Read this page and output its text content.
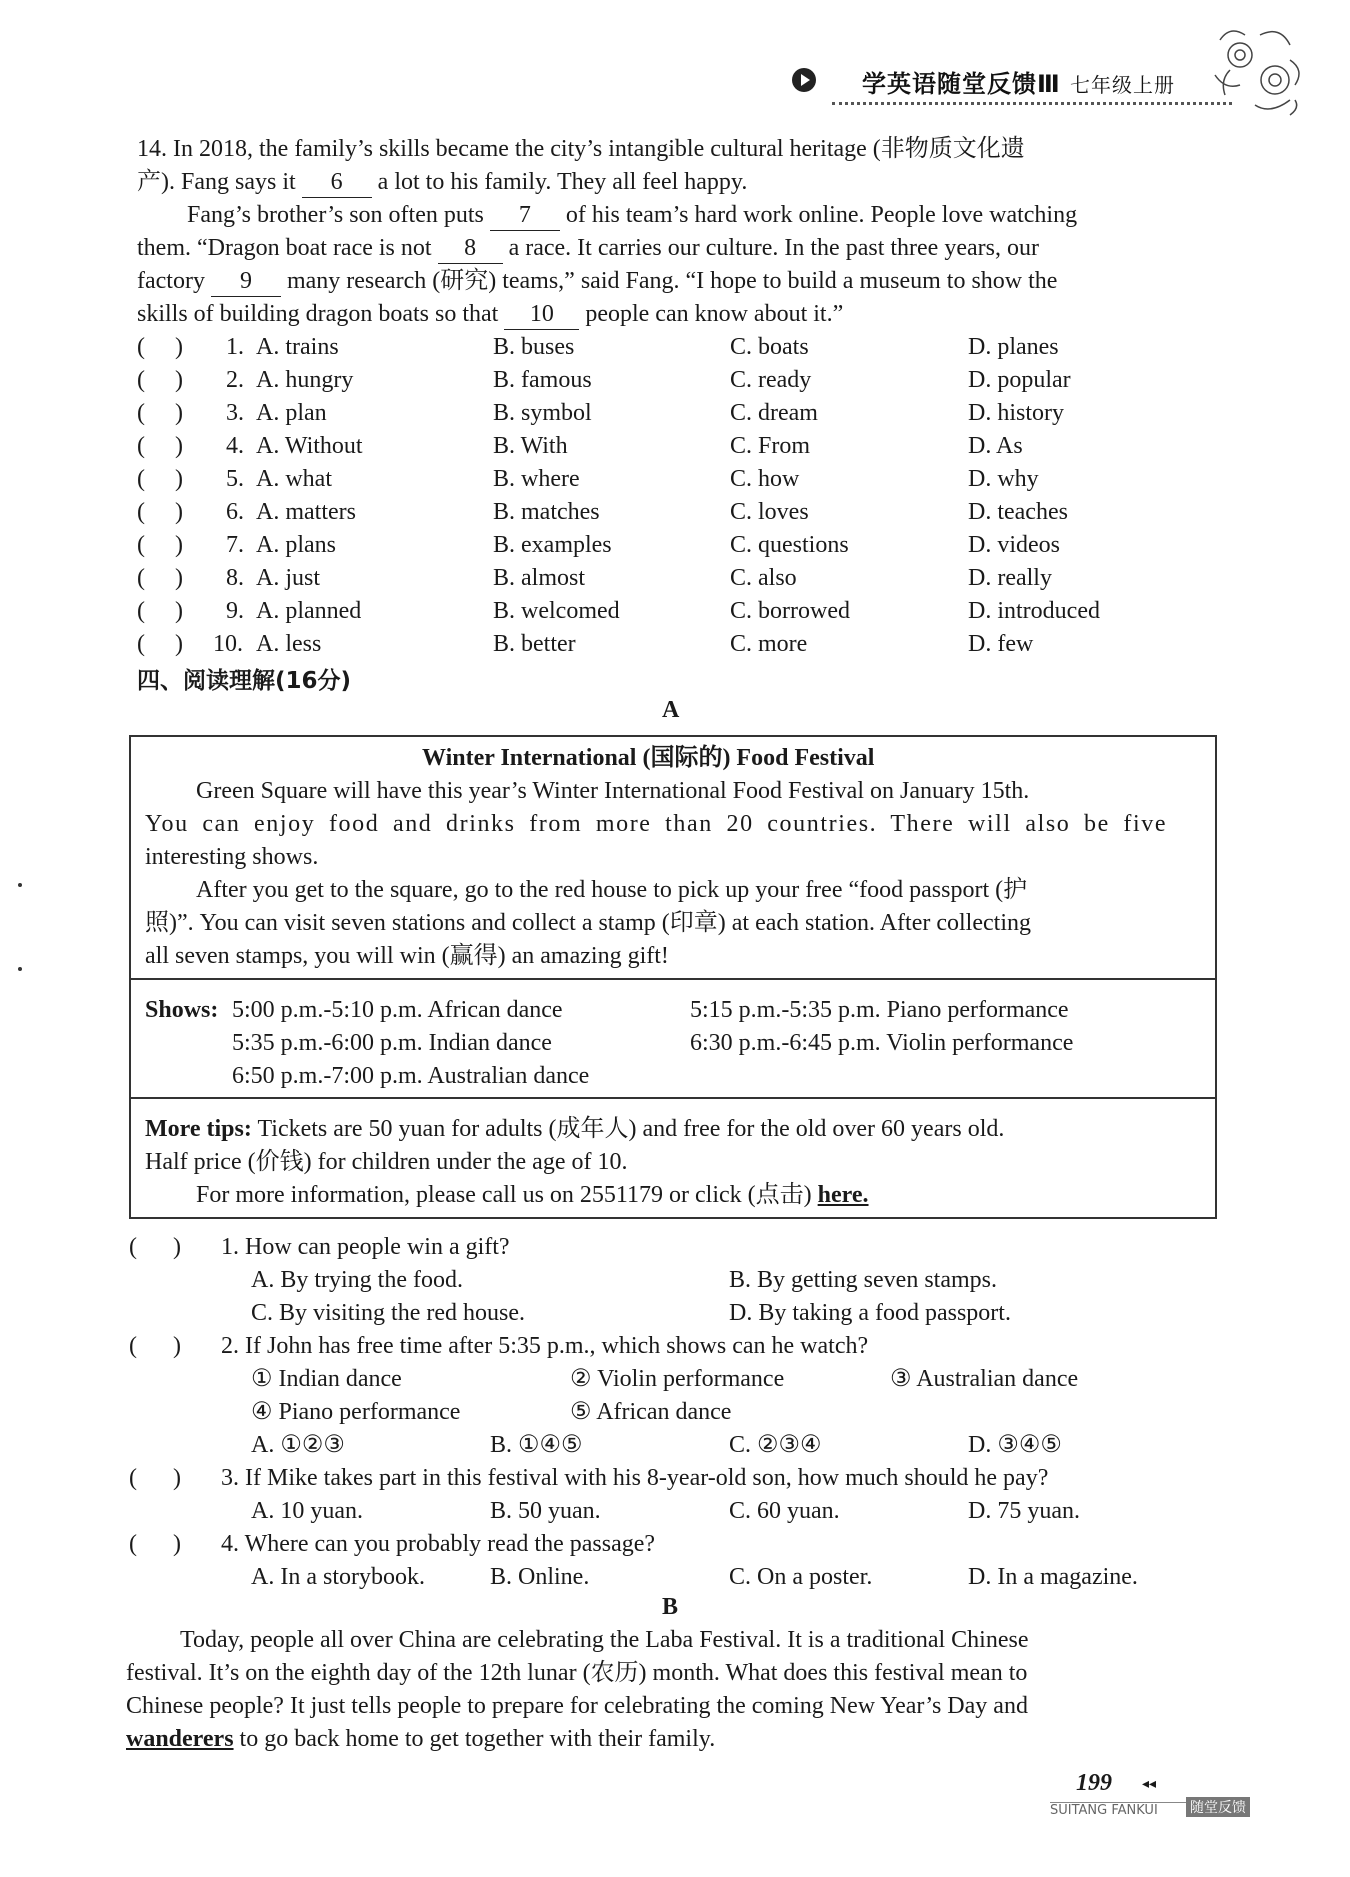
学英语随堂反馈Ⅲ 七年级上册
14. In 2018, the family’s skills became the city’s intangible cultural heritage (非物质文化遗
产). Fang says it 6 a lot to his family. They all feel happy.
Fang’s brother’s son often puts 7 of his team’s hard work online. People love watching
them. “Dragon boat race is not 8 a race. It carries our culture. In the past three years, our
factory 9 many research (研究) teams,” said Fang. “I hope to build a museum to show the
skills of building dragon boats so that 10 people can know about it.”
(     ) 1. A. trains	B. buses	C. boats	D. planes
(     ) 2. A. hungry	B. famous	C. ready	D. popular
(     ) 3. A. plan	B. symbol	C. dream	D. history
(     ) 4. A. Without	B. With	C. From	D. As
(     ) 5. A. what	B. where	C. how	D. why
(     ) 6. A. matters	B. matches	C. loves	D. teaches
(     ) 7. A. plans	B. examples	C. questions	D. videos
(     ) 8. A. just	B. almost	C. also	D. really
(     ) 9. A. planned	B. welcomed	C. borrowed	D. introduced
(     ) 10. A. less	B. better	C. more	D. few
四、阅读理解(16分)
A
Winter International (国际的) Food Festival
Green Square will have this year’s Winter International Food Festival on January 15th.
You can enjoy food and drinks from more than 20 countries. There will also be five
interesting shows.
After you get to the square, go to the red house to pick up your free “food passport (护
照)”. You can visit seven stations and collect a stamp (印章) at each station. After collecting
all seven stamps, you will win (赢得) an amazing gift!
Shows: 5:00 p.m.-5:10 p.m. African dance	5:15 p.m.-5:35 p.m. Piano performance
5:35 p.m.-6:00 p.m. Indian dance	6:30 p.m.-6:45 p.m. Violin performance
6:50 p.m.-7:00 p.m. Australian dance
More tips: Tickets are 50 yuan for adults (成年人) and free for the old over 60 years old.
Half price (价钱) for children under the age of 10.
For more information, please call us on 2551179 or click (点击) here.
(      ) 1. How can people win a gift?
A. By trying the food.	B. By getting seven stamps.
C. By visiting the red house.	D. By taking a food passport.
(      ) 2. If John has free time after 5:35 p.m., which shows can he watch?
① Indian dance	② Violin performance	③ Australian dance
④ Piano performance	⑤ African dance
A. ①②③	B. ①④⑤	C. ②③④	D. ③④⑤
(      ) 3. If Mike takes part in this festival with his 8-year-old son, how much should he pay?
A. 10 yuan.	B. 50 yuan.	C. 60 yuan.	D. 75 yuan.
(      ) 4. Where can you probably read the passage?
A. In a storybook.	B. Online.	C. On a poster.	D. In a magazine.
B
Today, people all over China are celebrating the Laba Festival. It is a traditional Chinese
festival. It’s on the eighth day of the 12th lunar (农历) month. What does this festival mean to
Chinese people? It just tells people to prepare for celebrating the coming New Year’s Day and
wanderers to go back home to get together with their family.
199 ◂◂
SUITANG FANKUI 随堂反馈
